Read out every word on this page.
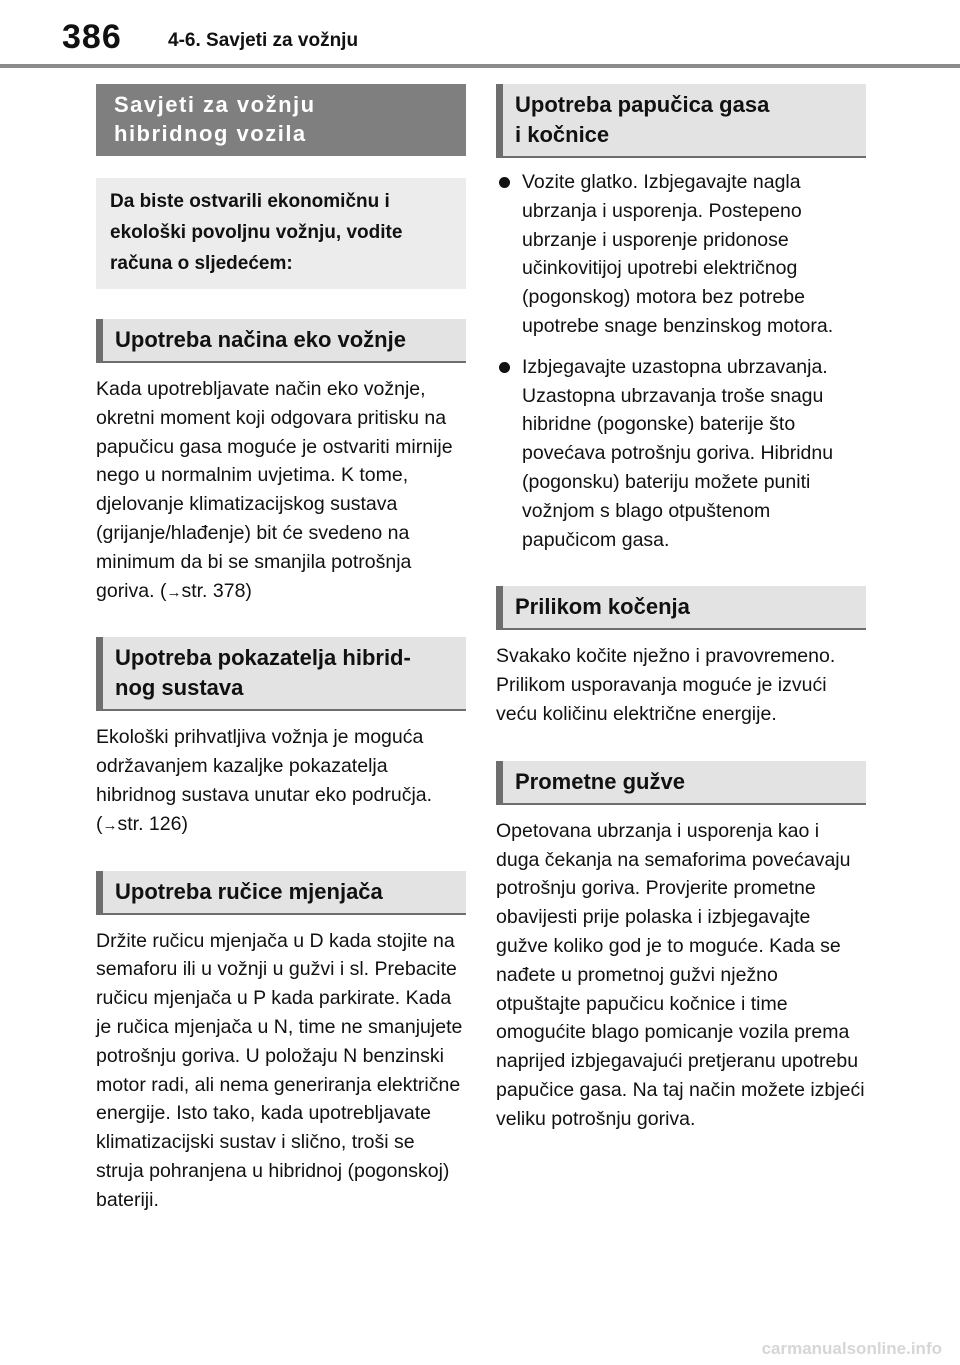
386 4-6. Savjeti za vožnju
Savjeti za vožnju
hibridnog vozila
Da biste ostvarili ekonomičnu i ekološki povoljnu vožnju, vodite računa o sljedećem:
Upotreba načina eko vožnje

Kada upotrebljavate način eko vožnje, okretni moment koji odgovara pritisku na papučicu gasa moguće je ostvariti mirnije nego u normalnim uvjetima. K tome, djelovanje klimatizacijskog sustava (grijanje/hlađenje) bit će svedeno na minimum da bi se smanjila potrošnja goriva. (→str. 378)

Upotreba pokazatelja hibrid-
nog sustava

Ekološki prihvatljiva vožnja je moguća održavanjem kazaljke pokazatelja hibridnog sustava unutar eko područja. (→str. 126)

Upotreba ručice mjenjača

Držite ručicu mjenjača u D kada stojite na semaforu ili u vožnji u gužvi i sl. Prebacite ručicu mjenjača u P kada parkirate. Kada je ručica mjenjača u N, time ne smanjujete potrošnju goriva. U položaju N benzinski motor radi, ali nema generiranja električne energije. Isto tako, kada upotrebljavate klimatizacijski sustav i slično, troši se struja pohranjena u hibridnoj (pogonskoj) bateriji.

Upotreba papučica gasa
i kočnice
Vozite glatko. Izbjegavajte nagla ubrzanja i usporenja. Postepeno ubrzanje i usporenje pridonose učinkovitijoj upotrebi električnog (pogonskog) motora bez potrebe upotrebe snage benzinskog motora.
Izbjegavajte uzastopna ubrzavanja. Uzastopna ubrzavanja troše snagu hibridne (pogonske) baterije što povećava potrošnju goriva. Hibridnu (pogonsku) bateriju možete puniti vožnjom s blago otpuštenom papučicom gasa.
Prilikom kočenja

Svakako kočite nježno i pravovremeno. Prilikom usporavanja moguće je izvući veću količinu električne energije.

Prometne gužve

Opetovana ubrzanja i usporenja kao i duga čekanja na semaforima povećavaju potrošnju goriva. Provjerite prometne obavijesti prije polaska i izbjegavajte gužve koliko god je to moguće. Kada se nađete u prometnoj gužvi nježno otpuštajte papučicu kočnice i time omogućite blago pomicanje vozila prema naprijed izbjegavajući pretjeranu upotrebu papučice gasa. Na taj način možete izbjeći veliku potrošnju goriva.

carmanualsonline.info
